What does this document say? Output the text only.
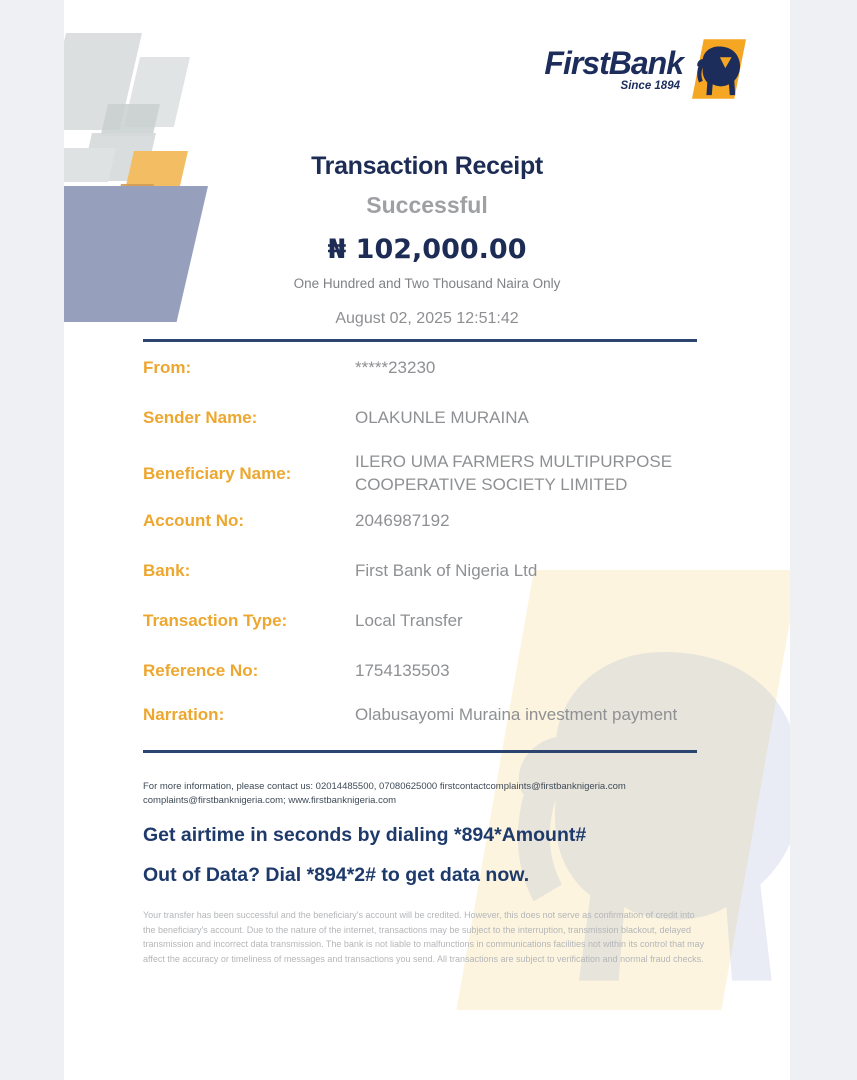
FirstBank
Since 1894
Transaction Receipt
Successful
₦ 102,000.00
One Hundred and Two Thousand Naira Only
August 02, 2025 12:51:42
From:	*****23230
Sender Name:	OLAKUNLE MURAINA
Beneficiary Name:
ILERO UMA FARMERS MULTIPURPOSE COOPERATIVE SOCIETY LIMITED
Account No:	2046987192
Bank:	First Bank of Nigeria Ltd
Transaction Type:	Local Transfer
Reference No:	1754135503
Narration:	Olabusayomi Muraina investment payment
For more information, please contact us: 02014485500, 07080625000 firstcontactcomplaints@firstbanknigeria.com complaints@firstbanknigeria.com; www.firstbanknigeria.com
Get airtime in seconds by dialing *894*Amount#
Out of Data? Dial *894*2# to get data now.
Your transfer has been successful and the beneficiary's account will be credited. However, this does not serve as confirmation of credit into the beneficiary's account. Due to the nature of the internet, transactions may be subject to the interruption, transmission blackout, delayed transmission and incorrect data transmission. The bank is not liable to malfunctions in communications facilities not within its control that may affect the accuracy or timeliness of messages and transactions you send. All transactions are subject to verification and normal fraud checks.
